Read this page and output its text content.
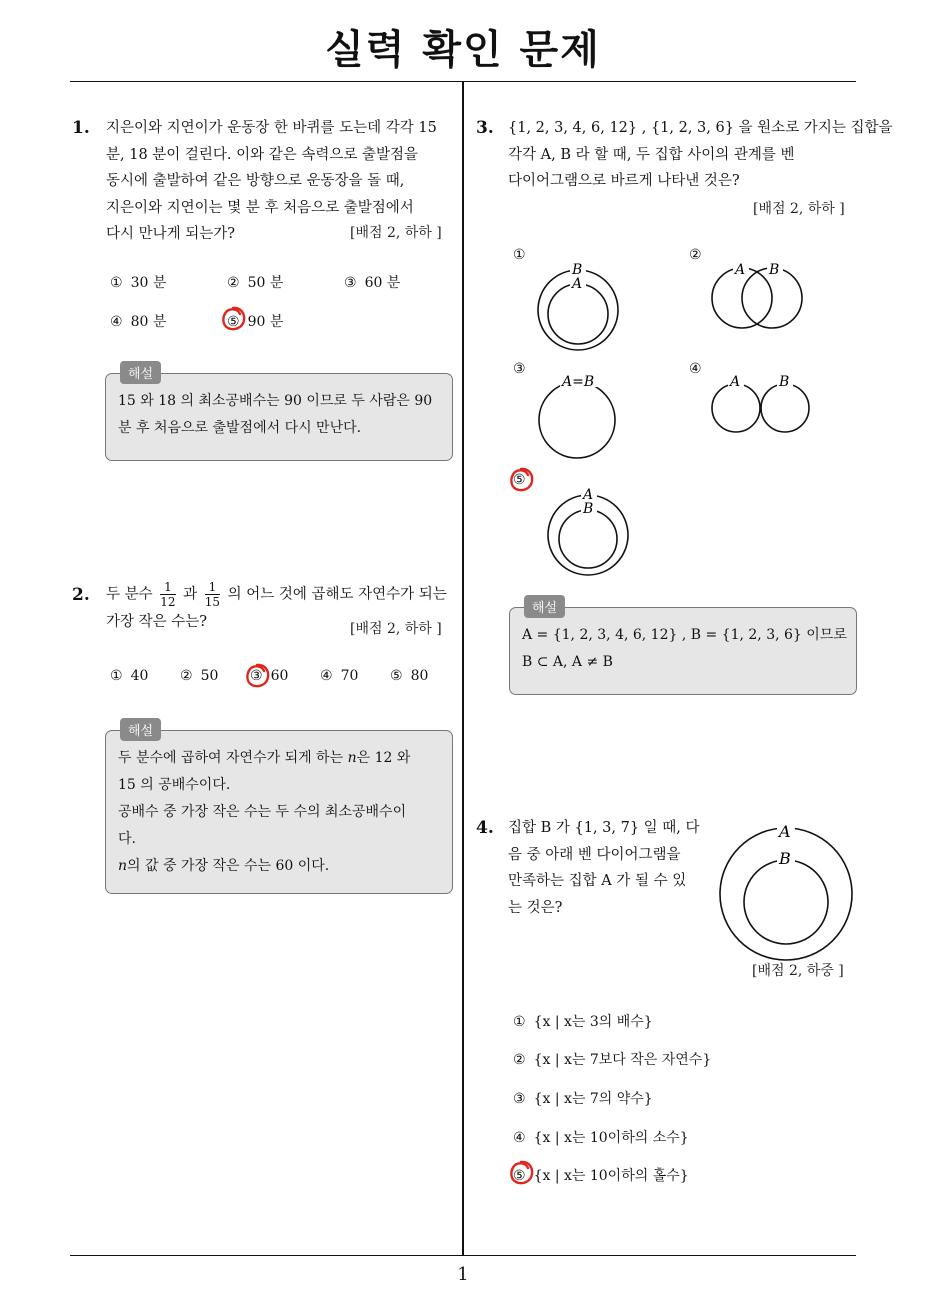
실력 확인 문제
1
1. 지은이와 지연이가 운동장 한 바퀴를 도는데 각각 15
분, 18 분이 걸린다. 이와 같은 속력으로 출발점을
동시에 출발하여 같은 방향으로 운동장을 돌 때,
지은이와 지연이는 몇 분 후 처음으로 출발점에서
다시 만나게 되는가?	[배점 2, 하하 ]
① 30 분	② 50 분	③ 60 분
④ 80 분	⑤ 90 분
15 와 18 의 최소공배수는 90 이므로 두 사람은 90
분 후 처음으로 출발점에서 다시 만난다.
해설
2. 두 분수 $\frac{1}{12}$ 과 $\frac{1}{15}$ 의 어느 것에 곱해도 자연수가 되는
가장 작은 수는?	[배점 2, 하하 ]
① 40 ② 50 ③ 60 ④ 70 ⑤ 80
두 분수에 곱하여 자연수가 되게 하는 n은 12 와
15 의 공배수이다.
공배수 중 가장 작은 수는 두 수의 최소공배수이
다.
n의 값 중 가장 작은 수는 60 이다.
해설
3. {1, 2, 3, 4, 6, 12} , {1, 2, 3, 6} 을 원소로 가지는 집합을
각각 A, B 라 할 때, 두 집합 사이의 관계를 벤
다이어그램으로 바르게 나타낸 것은?
[배점 2, 하하 ]
①
B
A
②
A B
③
A=B
④
A	B
⑤
A
B
A = {1, 2, 3, 4, 6, 12} , B = {1, 2, 3, 6} 이므로
B ⊂ A, A ≠ B
해설
4. 집합 B 가 {1, 3, 7} 일 때, 다
음 중 아래 벤 다이어그램을
만족하는 집합 A 가 될 수 있
는 것은?
A
B
[배점 2, 하중 ]
① {x | x는 3의 배수}
② {x | x는 7보다 작은 자연수}
③ {x | x는 7의 약수}
④ {x | x는 10이하의 소수}
⑤ {x | x는 10이하의 홀수}
